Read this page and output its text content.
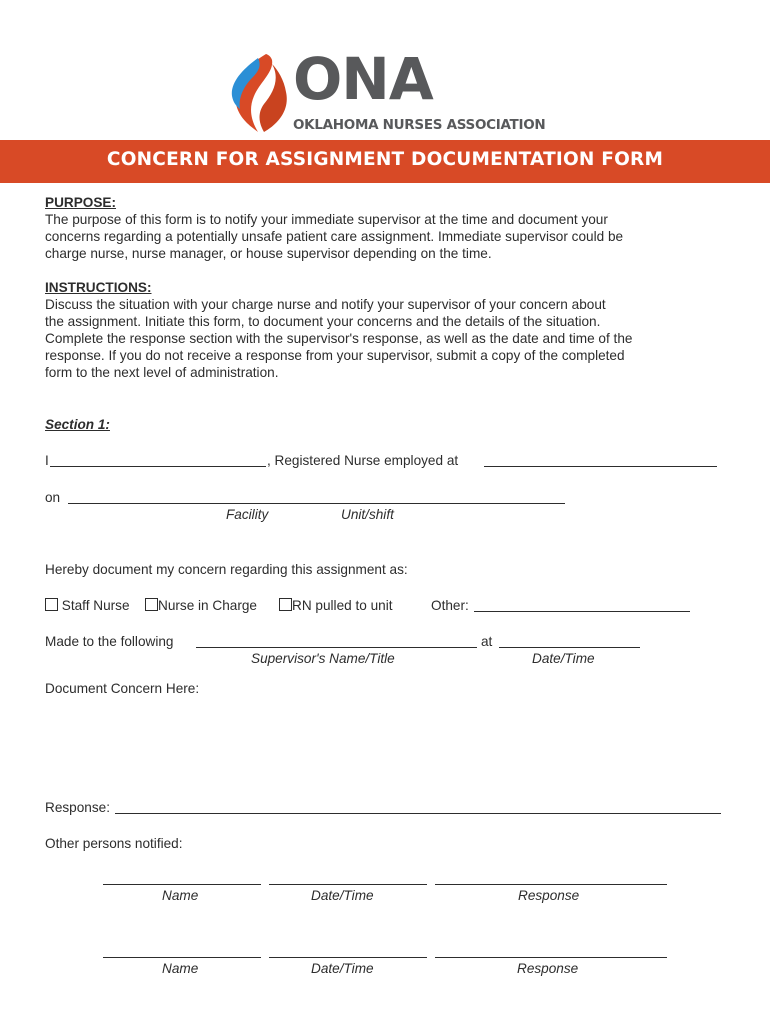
ONA
OKLAHOMA NURSES ASSOCIATION
CONCERN FOR ASSIGNMENT DOCUMENTATION FORM
PURPOSE:
The purpose of this form is to notify your immediate supervisor at the time and document your
concerns regarding a potentially unsafe patient care assignment. Immediate supervisor could be
charge nurse, nurse manager, or house supervisor depending on the time.
INSTRUCTIONS:
Discuss the situation with your charge nurse and notify your supervisor of your concern about
the assignment. Initiate this form, to document your concerns and the details of the situation.
Complete the response section with the supervisor's response, as well as the date and time of the
response. If you do not receive a response from your supervisor, submit a copy of the completed
form to the next level of administration.
Section 1:
I	, Registered Nurse employed at
on
Facility	Unit/shift
Hereby document my concern regarding this assignment as:
Staff Nurse	Nurse in Charge	RN pulled to unit	Other:
Made to the following	at
Supervisor's Name/Title	Date/Time
Document Concern Here:
Response:
Other persons notified:
Name	Date/Time	Response
Name	Date/Time	Response
